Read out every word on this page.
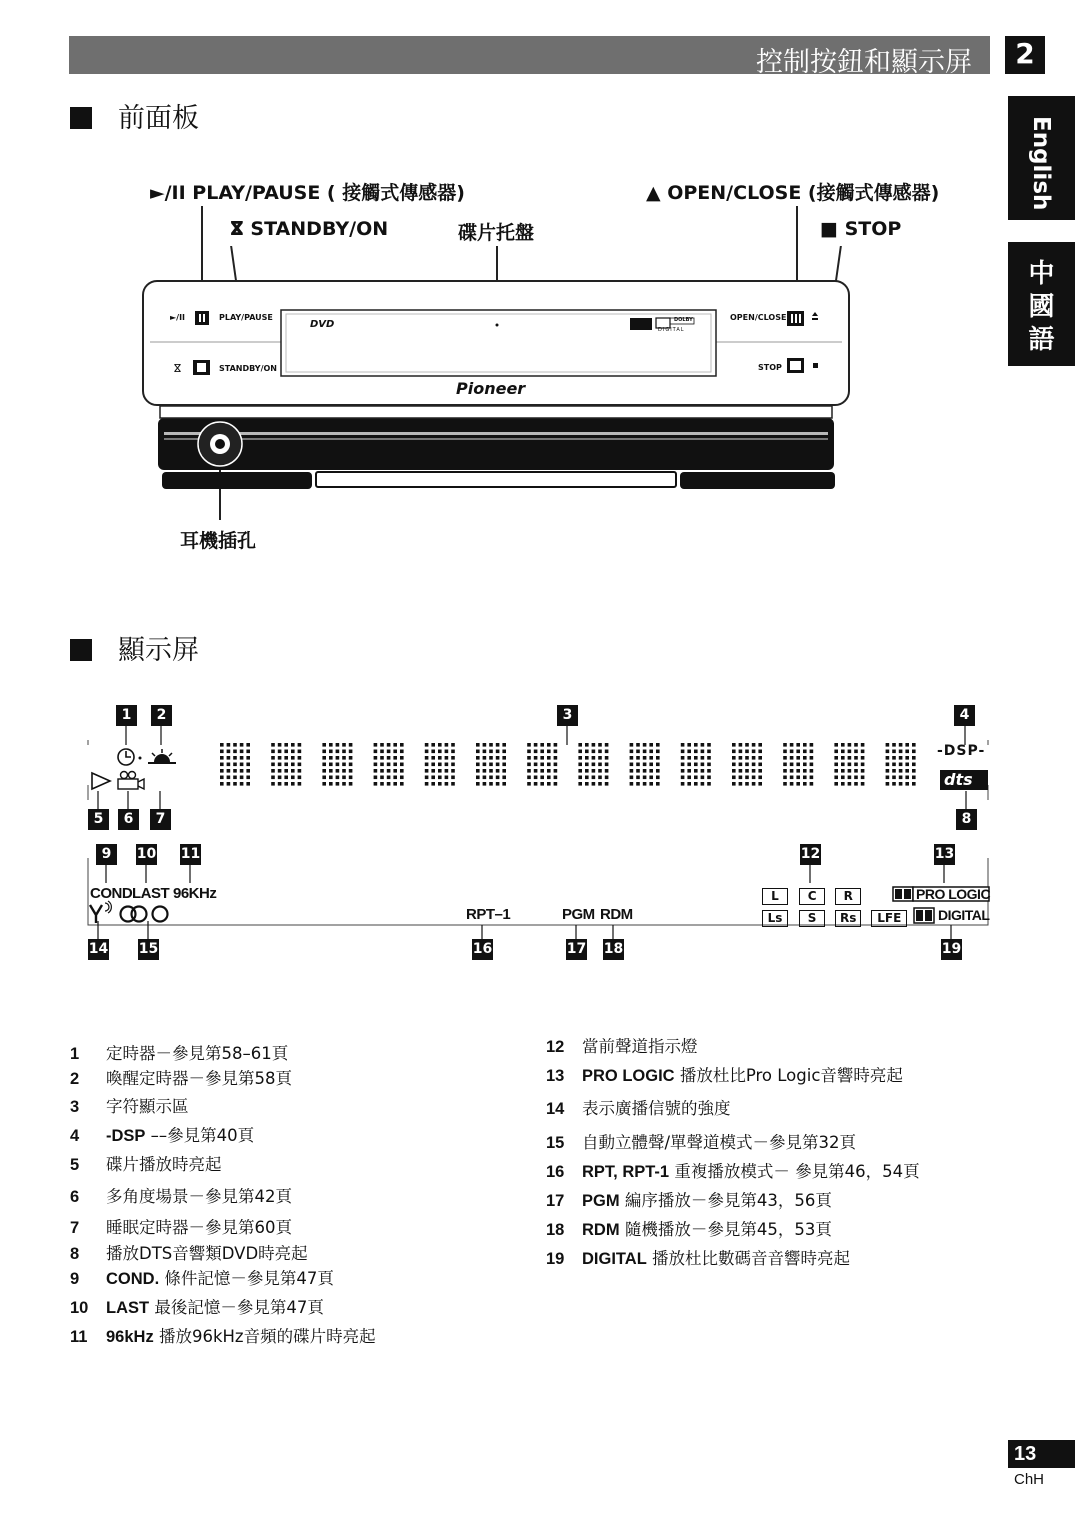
控制按鈕和顯示屏	2
English
中國語
前面板
►/II PLAY/PAUSE ( 接觸式傳感器)	▲ OPEN/CLOSE (接觸式傳感器)
ⴵ STANDBY/ON	碟片托盤	■ STOP
►/II	PLAY/PAUSE
ⴵ	STANDBY/ON
OPEN/CLOSE
STOP
DVD	DOLBY
DIGITAL
Pioneer
耳機插孔
顯示屏
1	2	3	4
5	6	7	8
9	10 11	12	13
14 15	16	17 18	19
-DSP-
dts
COND.
LAST 96KHz
RPT–1	PGM RDM
PRO LOGIC
DIGITAL
L C R
Ls S Rs LFE
1 定時器－參見第58–61頁
2 喚醒定時器－參見第58頁
3 字符顯示區
4 -DSP ––參見第40頁
5 碟片播放時亮起
6 多角度場景－參見第42頁
7 睡眠定時器－參見第60頁
8 播放DTS音響類DVD時亮起
9 COND. 條件記憶－參見第47頁
10 LAST 最後記憶－參見第47頁
11 96kHz 播放96kHz音頻的碟片時亮起
12 當前聲道指示燈
13 PRO LOGIC 播放杜比Pro Logic音響時亮起
14 表示廣播信號的強度
15 自動立體聲/單聲道模式－參見第32頁
16 RPT, RPT-1 重複播放模式－ 參見第46，54頁
17 PGM 編序播放－參見第43，56頁
18 RDM 隨機播放－參見第45，53頁
19 DIGITAL 播放杜比數碼音音響時亮起
13
ChH
